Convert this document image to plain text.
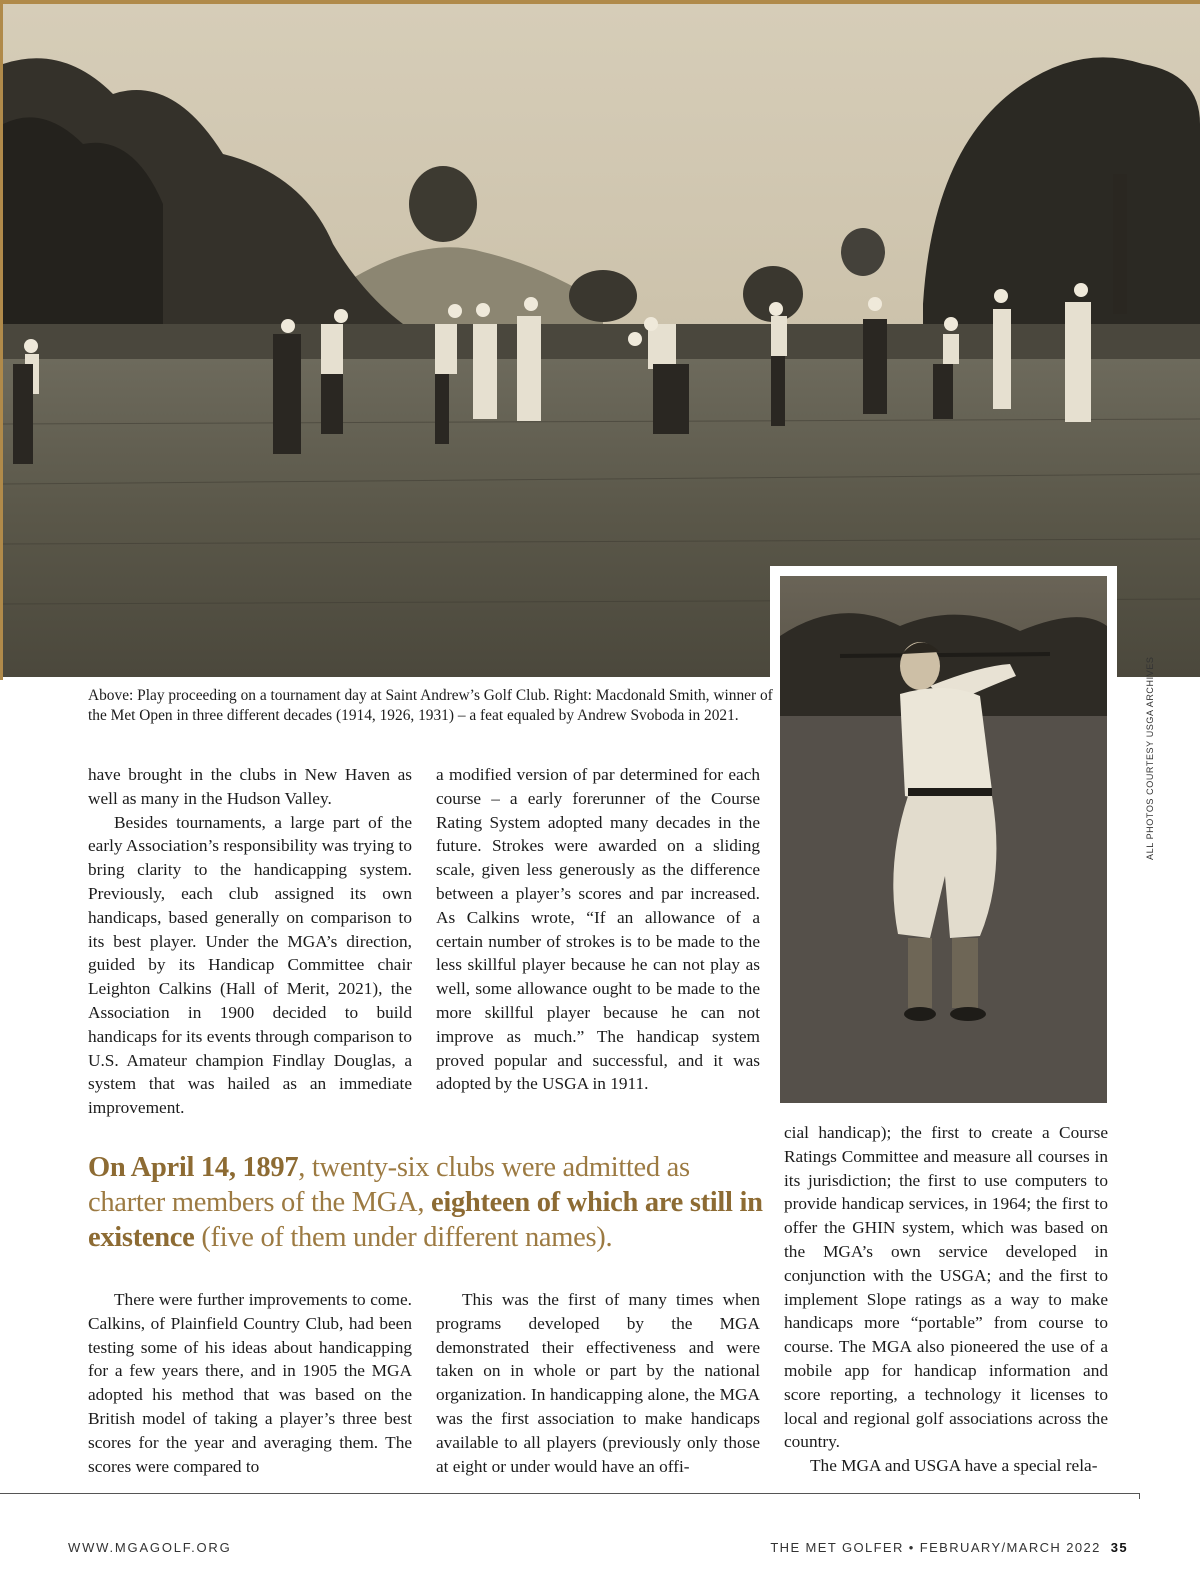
ALL PHOTOS COURTESY USGA ARCHIVES
Above: Play proceeding on a tournament day at Saint Andrew’s Golf Club. Right: Macdonald Smith, winner of the Met Open in three different decades (1914, 1926, 1931) – a feat equaled by Andrew Svoboda in 2021.

have brought in the clubs in New Haven as well as many in the Hudson Valley.

Besides tournaments, a large part of the early Association’s responsibility was trying to bring clarity to the handicapping system. Previously, each club assigned its own handicaps, based generally on comparison to its best player. Under the MGA’s direction, guided by its Handicap Committee chair Leighton Calkins (Hall of Merit, 2021), the Association in 1900 decided to build handicaps for its events through comparison to U.S. Amateur champion Findlay Douglas, a system that was hailed as an immediate improvement.

a modified version of par determined for each course – a early forerunner of the Course Rating System adopted many decades in the future. Strokes were awarded on a sliding scale, given less generously as the difference between a player’s scores and par increased. As Calkins wrote, “If an allowance of a certain number of strokes is to be made to the less skillful player because he can not play as well, some allowance ought to be made to the more skillful player because he can not improve as much.” The handicap system proved popular and successful, and it was adopted by the USGA in 1911.

On April 14, 1897, twenty-six clubs were admitted as charter members of the MGA, eighteen of which are still in existence (five of them under different names).

There were further improvements to come. Calkins, of Plainfield Country Club, had been testing some of his ideas about handicapping for a few years there, and in 1905 the MGA adopted his method that was based on the British model of taking a player’s three best scores for the year and averaging them. The scores were compared to

This was the first of many times when programs developed by the MGA demonstrated their effectiveness and were taken on in whole or part by the national organization. In handicapping alone, the MGA was the first association to make handicaps available to all players (previously only those at eight or under would have an offi-

cial handicap); the first to create a Course Ratings Committee and measure all courses in its jurisdiction; the first to use computers to provide handicap services, in 1964; the first to offer the GHIN system, which was based on the MGA’s own service developed in conjunction with the USGA; and the first to implement Slope ratings as a way to make handicaps more “portable” from course to course. The MGA also pioneered the use of a mobile app for handicap information and score reporting, a technology it licenses to local and regional golf associations across the country.

The MGA and USGA have a special rela-

WWW.MGAGOLF.ORG	THE MET GOLFER • FEBRUARY/MARCH 2022 35
